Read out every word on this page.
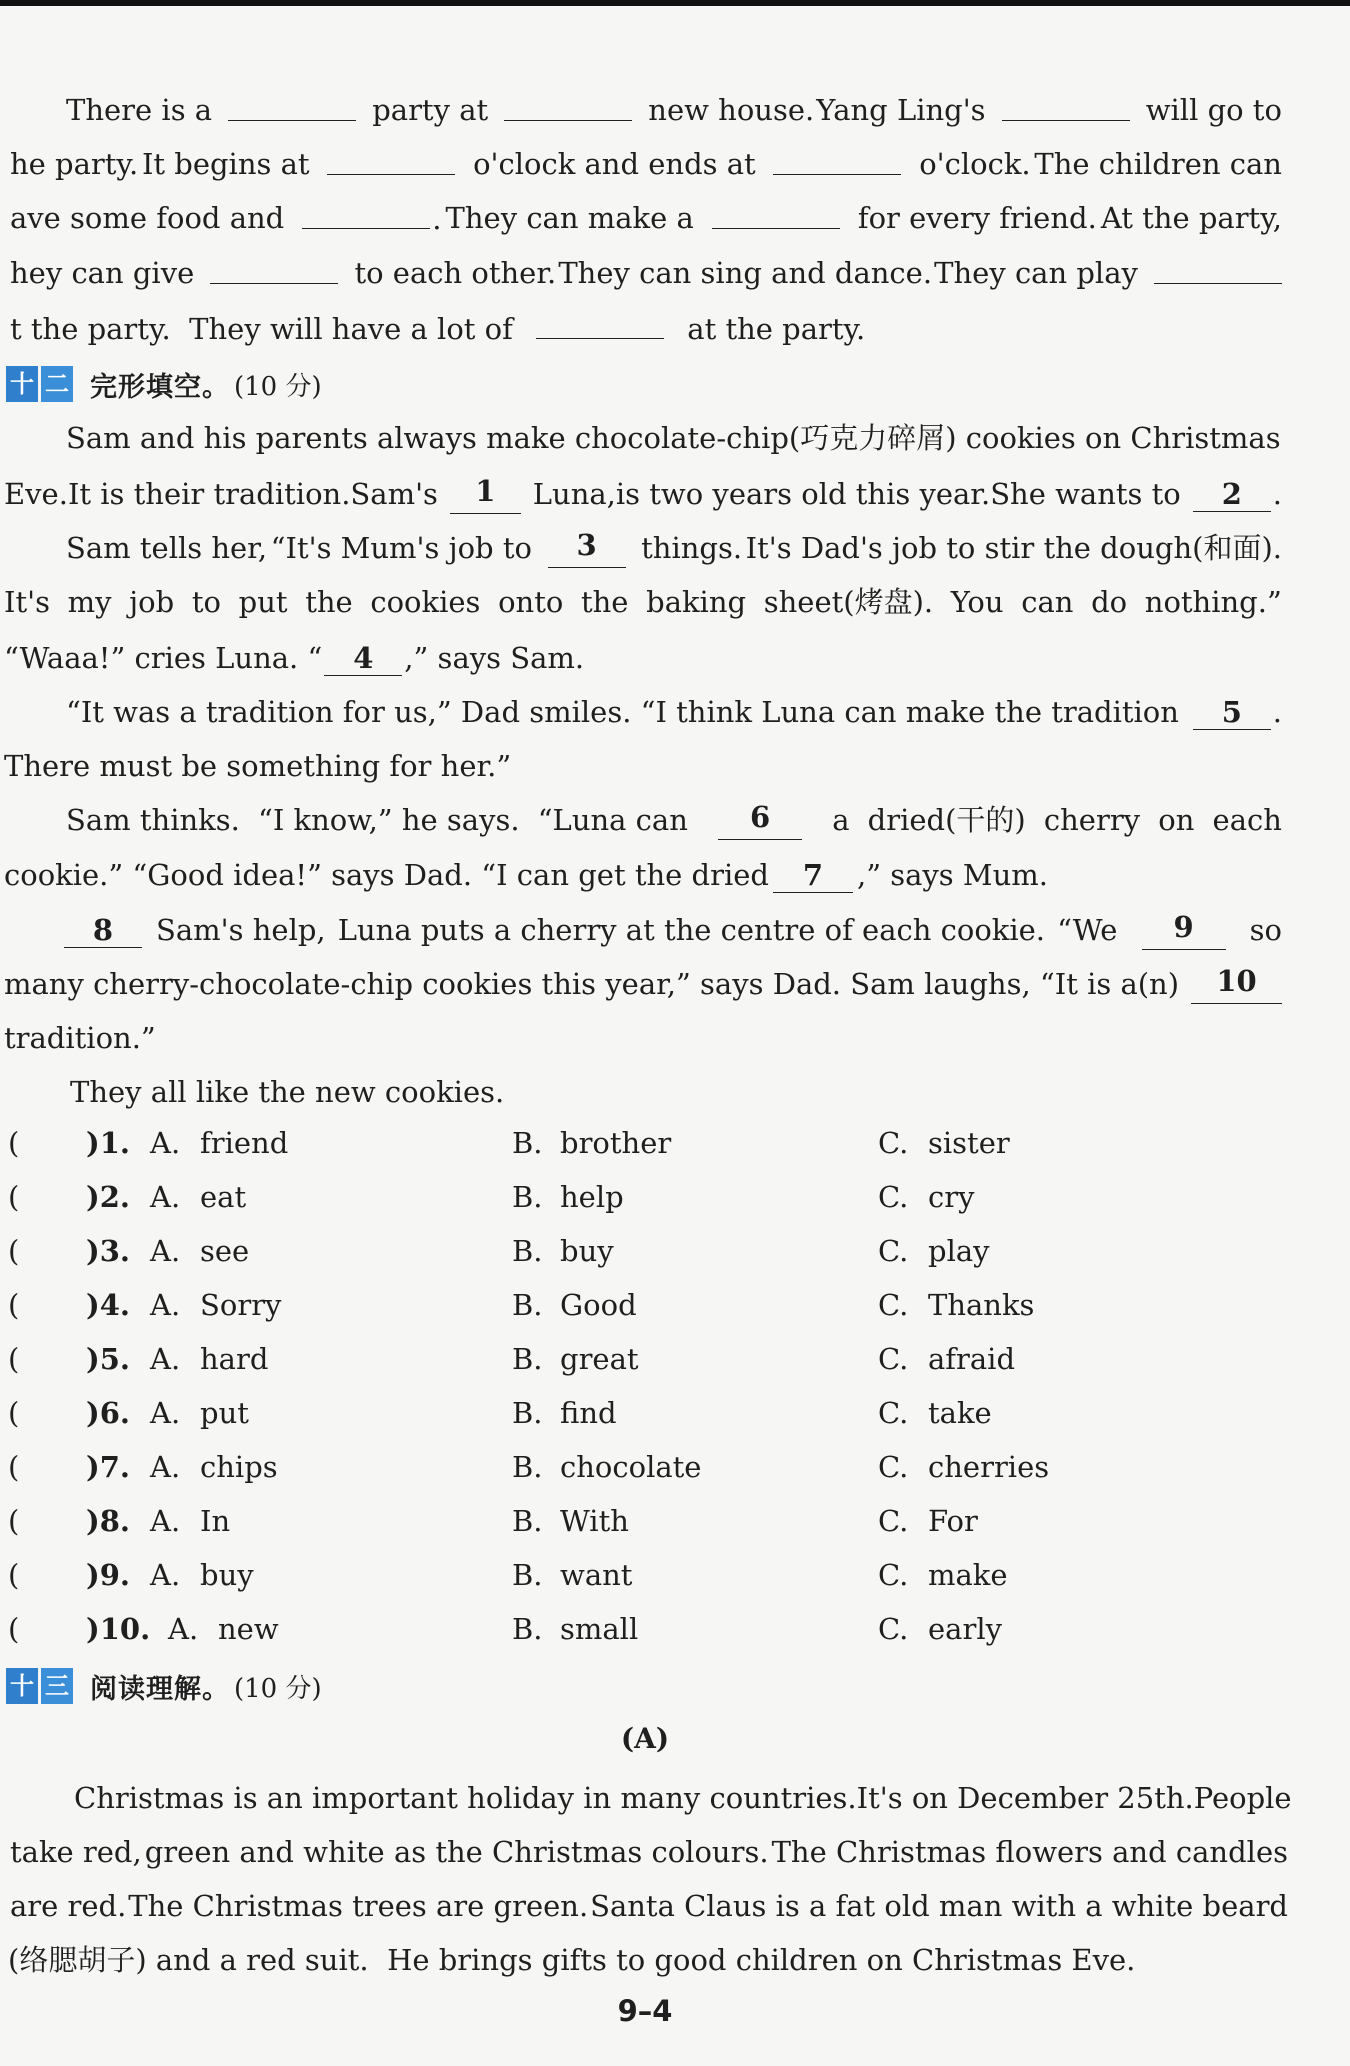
There is a	party at	new house. Yang Ling's	will go to
he party. It begins at	o'clock and ends at	o'clock. The children can
ave some food and	. They can make a	for every friend. At the party,
hey can give	to each other. They can sing and dance. They can play
t the party. They will have a lot of	at the party.
十 二 完形填空。 (10 分)
Sam and his parents always make chocolate-chip(巧克力碎屑) cookies on Christmas
Eve. It is their tradition. Sam's	1	Luna, is two years old this year. She wants to	2	.
Sam tells her, “It's Mum's job to	3	things. It's Dad's job to stir the dough(和面).
It's my job to put the cookies onto the baking sheet(烤盘). You can do nothing.”
“Waaa!” cries Luna. “ 4 ,” says Sam.
“It was a tradition for us,” Dad smiles. “I think Luna can make the tradition	5	.
There must be something for her.”
Sam thinks. “I know,” he says. “Luna can	6	a dried(干的) cherry on each
cookie.” “Good idea!” says Dad. “I can get the dried 7 ,” says Mum.
8	Sam's help, Luna puts a cherry at the centre of each cookie. “We	9	so
many cherry-chocolate-chip cookies this year,” says Dad. Sam laughs, “It is a(n)	10
tradition.”
They all like the new cookies.
( )1. A. friend	B. brother	C. sister
( )2. A. eat	B. help	C. cry
( )3. A. see	B. buy	C. play
( )4. A. Sorry	B. Good	C. Thanks
( )5. A. hard	B. great	C. afraid
( )6. A. put	B. find	C. take
( )7. A. chips	B. chocolate	C. cherries
( )8. A. In	B. With	C. For
( )9. A. buy	B. want	C. make
( )10. A. new	B. small	C. early
十 三 阅读理解。 (10 分)
(A)
Christmas is an important holiday in many countries. It's on December 25th. People
take red, green and white as the Christmas colours. The Christmas flowers and candles
are red. The Christmas trees are green. Santa Claus is a fat old man with a white beard
(络腮胡子) and a red suit. He brings gifts to good children on Christmas Eve.
9–4
